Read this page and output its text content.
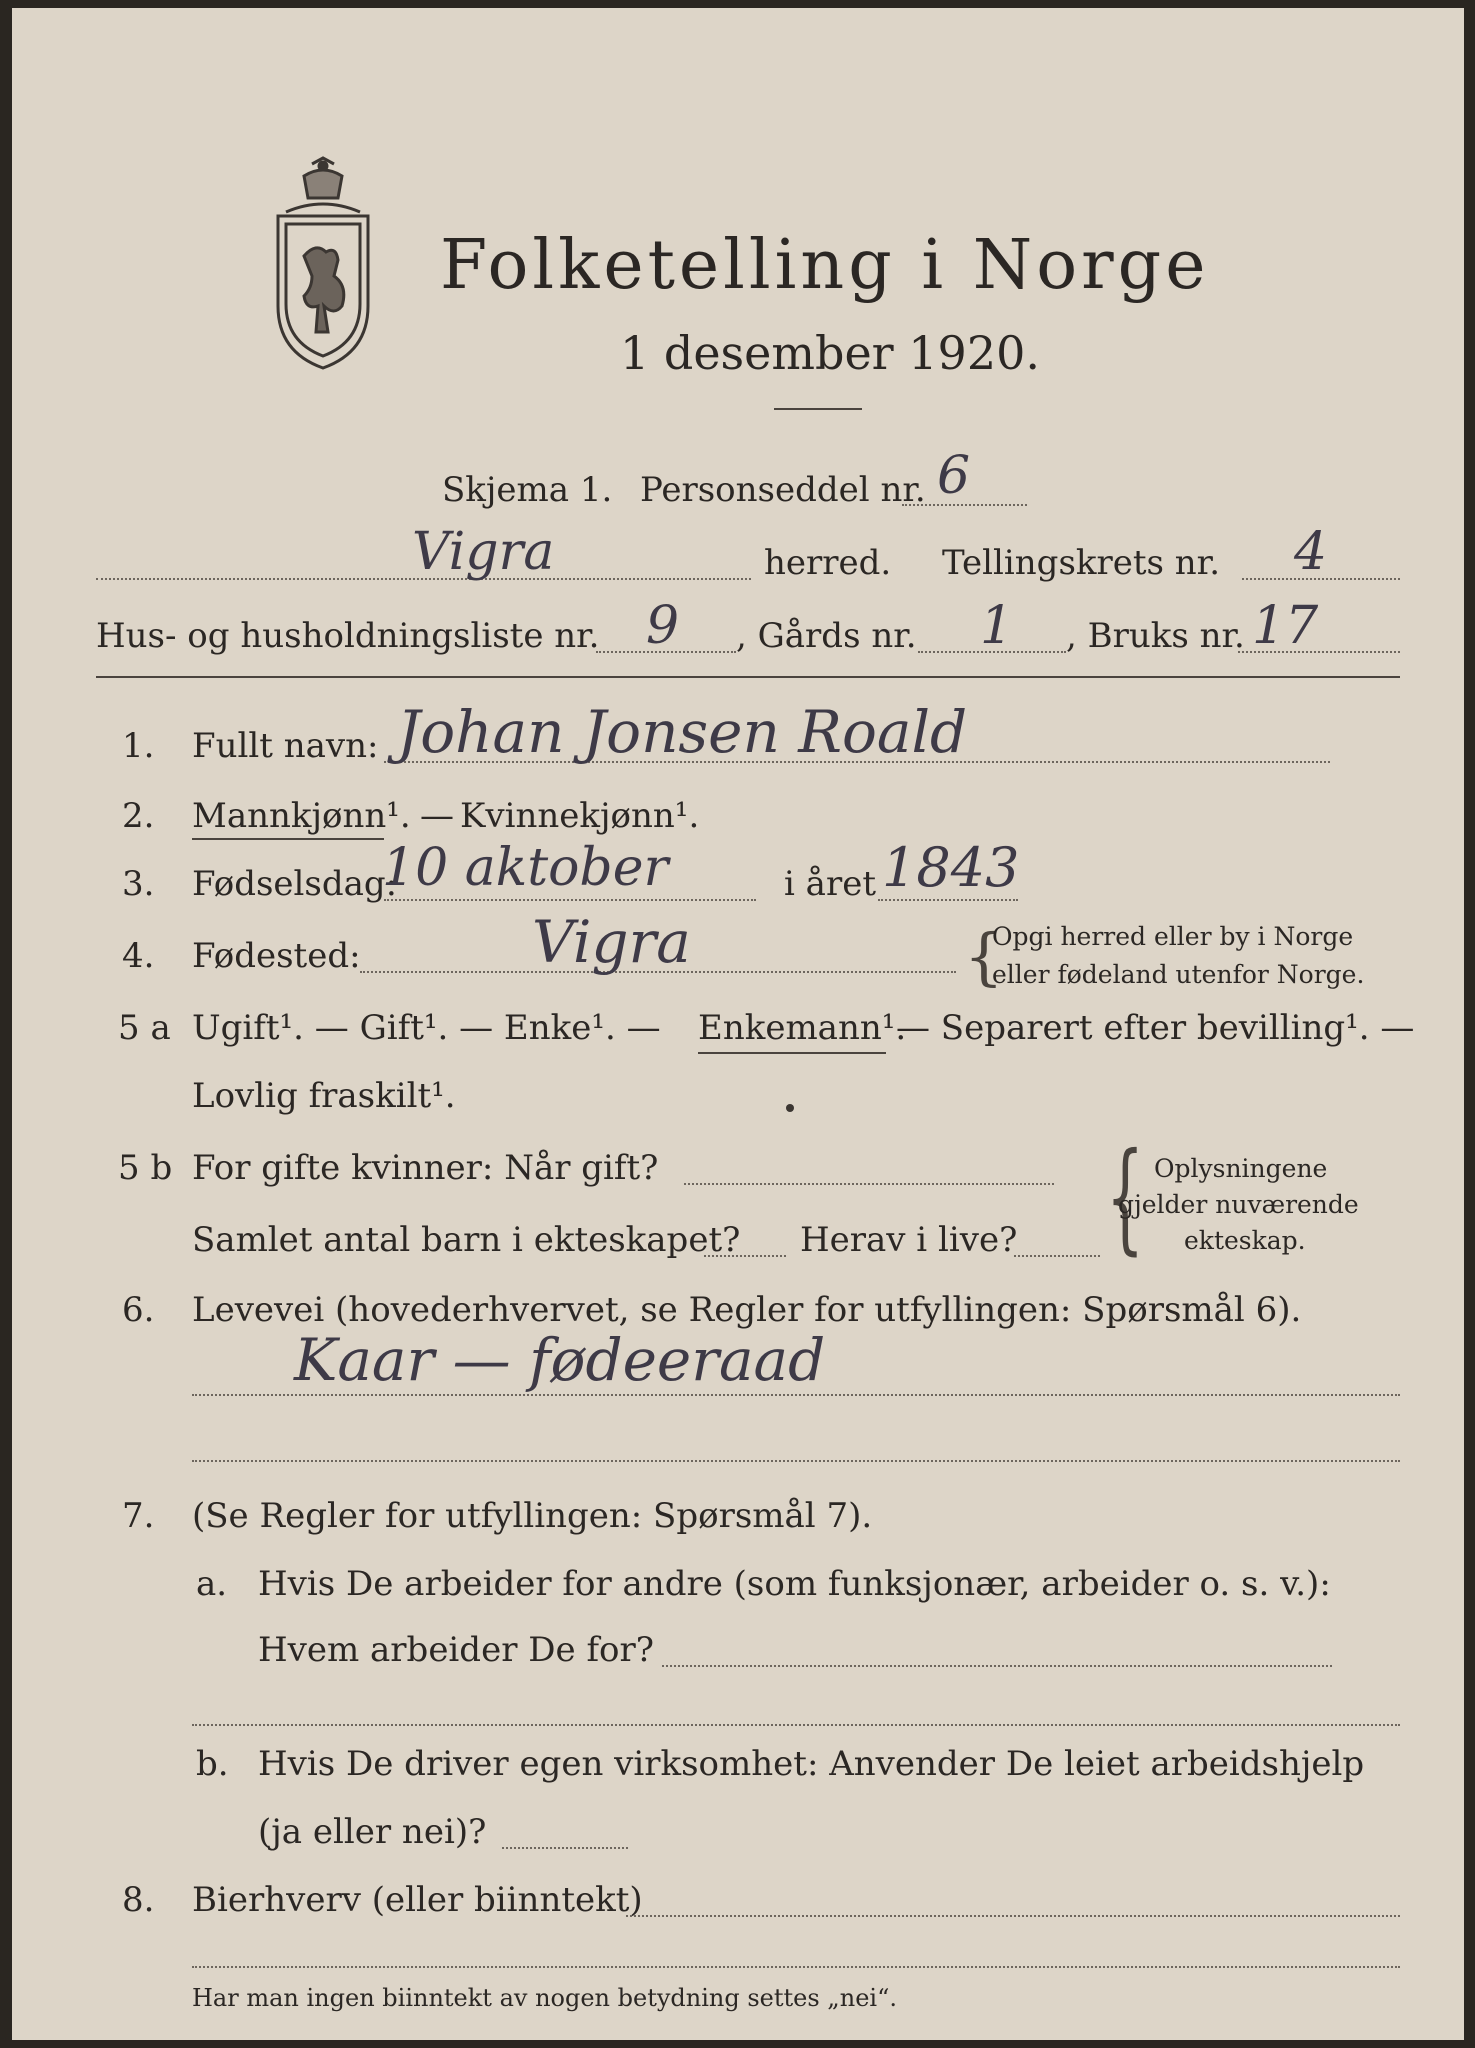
Folketelling i Norge
1 desember 1920.
Skjema 1. Personseddel nr. 6
Vigra	herred. Tellingskrets nr. 4
Hus- og husholdningsliste nr. 9 , Gårds nr. 1 , Bruks nr. 17
1. Fullt navn: Johan Jonsen Roald
2. Mannkjønn¹. — Kvinnekjønn¹.
3. Fødselsdag:
10 aktober	i året 1843
4. Fødested:	Vigra	{
Opgi herred eller by i Norge
eller fødeland utenfor Norge.
5 a Ugift¹. — Gift¹. — Enke¹. — Enkemann¹.
— Separert efter bevilling¹. —
Lovlig fraskilt¹.
5 b For gifte kvinner: Når gift?
Samlet antal barn i ekteskapet? Herav i live? { Oplysningene
gjelder nuværende
ekteskap.
6. Levevei (hovederhvervet, se Regler for utfyllingen: Spørsmål 6).
Kaar — fødeeraad
7. (Se Regler for utfyllingen: Spørsmål 7).
a. Hvis De arbeider for andre (som funksjonær, arbeider o. s. v.):
Hvem arbeider De for?
b. Hvis De driver egen virksomhet: Anvender De leiet arbeidshjelp
(ja eller nei)?
8. Bierhverv (eller biinntekt)
Har man ingen biinntekt av nogen betydning settes „nei“.
